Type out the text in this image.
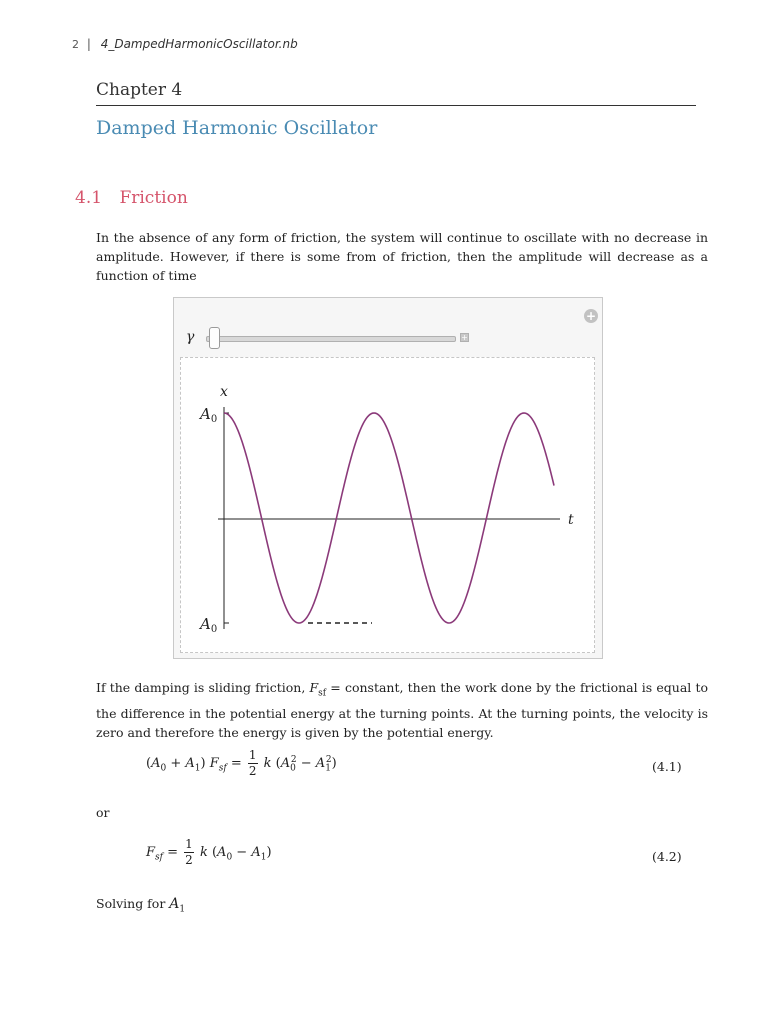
2 | 4_DampedHarmonicOscillator.nb
Chapter 4
Damped Harmonic Oscillator
4.1 Friction
In the absence of any form of friction, the system will continue to oscillate with no decrease in amplitude. However, if there is some from of friction, then the amplitude will decrease as a function of time
+
γ	+
t
x
$A_0$
$A_0$
If the damping is sliding friction, $F_{sf}$ = constant, then the work done by the frictional is equal to the difference in the potential energy at the turning points. At the turning points, the velocity is zero and therefore the energy is given by the potential energy.
$(A_0 + A_1) F_{sf} = \frac{1}{2}$ k $(A_0^2 - A_1^2)$	(4.1)
or
$F_{sf} = \frac{1}{2}$ k $(A_0 - A_1)$	(4.2)
Solving for $A_1$
